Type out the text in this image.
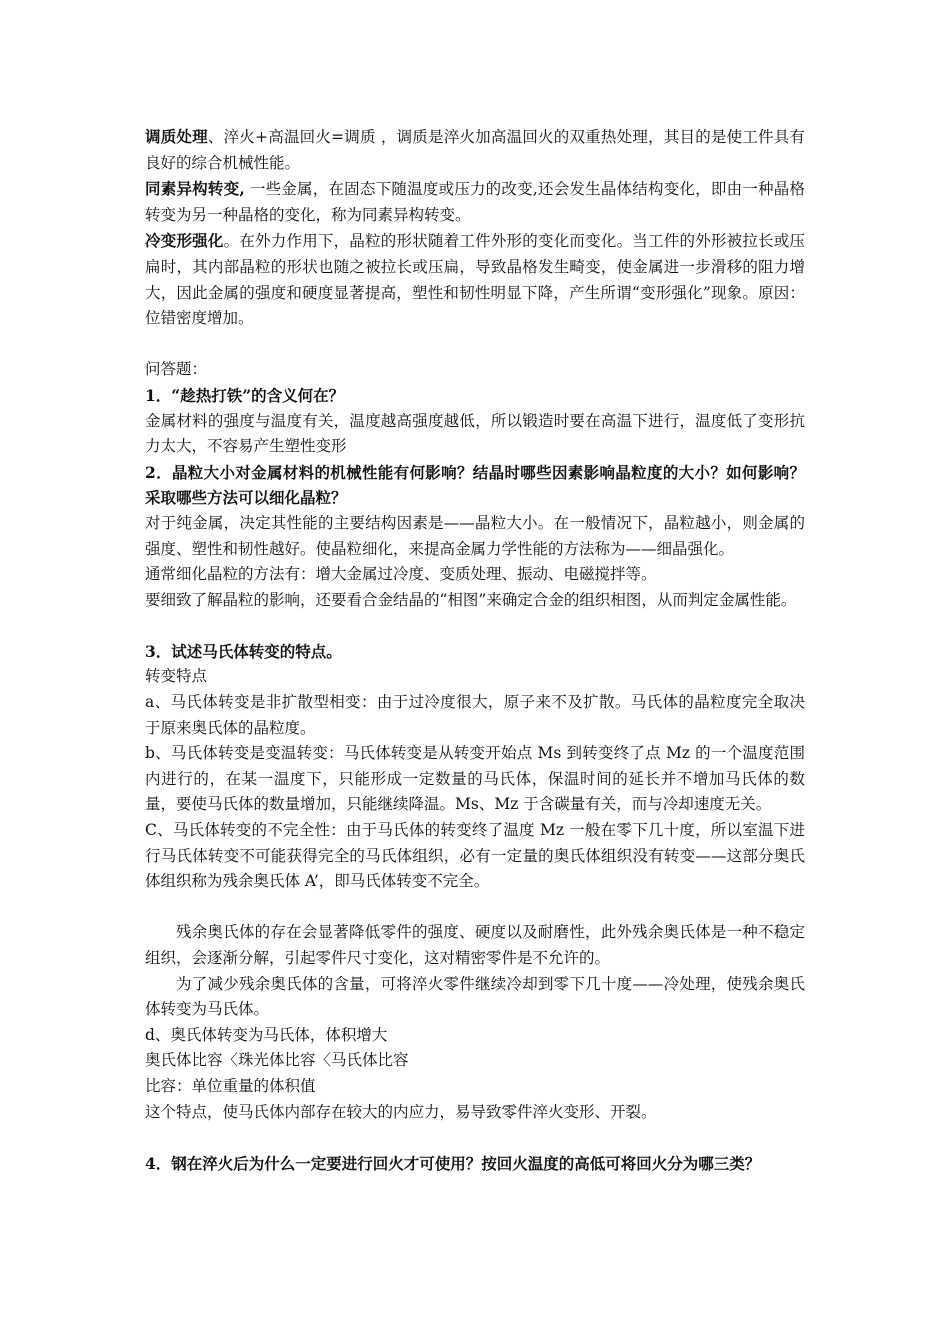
调质处理、淬火+高温回火=调质 ，调质是淬火加高温回火的双重热处理，其目的是使工件具有良好的综合机械性能。

同素异构转变, 一些金属，在固态下随温度或压力的改变,还会发生晶体结构变化，即由一种晶格转变为另一种晶格的变化，称为同素异构转变。

冷变形强化。在外力作用下，晶粒的形状随着工件外形的变化而变化。当工件的外形被拉长或压扁时，其内部晶粒的形状也随之被拉长或压扁，导致晶格发生畸变，使金属进一步滑移的阻力增大，因此金属的强度和硬度显著提高，塑性和韧性明显下降，产生所谓“变形强化”现象。原因：位错密度增加。

问答题：

1．“趁热打铁”的含义何在？

金属材料的强度与温度有关，温度越高强度越低，所以锻造时要在高温下进行，温度低了变形抗力太大，不容易产生塑性变形

2．晶粒大小对金属材料的机械性能有何影响？结晶时哪些因素影响晶粒度的大小？如何影响？采取哪些方法可以细化晶粒？

对于纯金属，决定其性能的主要结构因素是——晶粒大小。在一般情况下，晶粒越小，则金属的强度、塑性和韧性越好。使晶粒细化，来提高金属力学性能的方法称为——细晶强化。

通常细化晶粒的方法有：增大金属过冷度、变质处理、振动、电磁搅拌等。

要细致了解晶粒的影响，还要看合金结晶的“相图”来确定合金的组织相图，从而判定金属性能。

3．试述马氏体转变的特点。

转变特点

a、马氏体转变是非扩散型相变：由于过冷度很大，原子来不及扩散。马氏体的晶粒度完全取决于原来奥氏体的晶粒度。

b、马氏体转变是变温转变：马氏体转变是从转变开始点 Ms 到转变终了点 Mz 的一个温度范围内进行的，在某一温度下，只能形成一定数量的马氏体，保温时间的延长并不增加马氏体的数量，要使马氏体的数量增加，只能继续降温。Ms、Mz 于含碳量有关，而与冷却速度无关。

C、马氏体转变的不完全性：由于马氏体的转变终了温度 Mz 一般在零下几十度，所以室温下进行马氏体转变不可能获得完全的马氏体组织，必有一定量的奥氏体组织没有转变——这部分奥氏体组织称为残余奥氏体 A’，即马氏体转变不完全。

残余奥氏体的存在会显著降低零件的强度、硬度以及耐磨性，此外残余奥氏体是一种不稳定组织，会逐渐分解，引起零件尺寸变化，这对精密零件是不允许的。

为了减少残余奥氏体的含量，可将淬火零件继续冷却到零下几十度——冷处理，使残余奥氏体转变为马氏体。

d、奥氏体转变为马氏体，体积增大

奥氏体比容〈珠光体比容〈马氏体比容

比容：单位重量的体积值

这个特点，使马氏体内部存在较大的内应力，易导致零件淬火变形、开裂。

4．钢在淬火后为什么一定要进行回火才可使用？按回火温度的高低可将回火分为哪三类？
